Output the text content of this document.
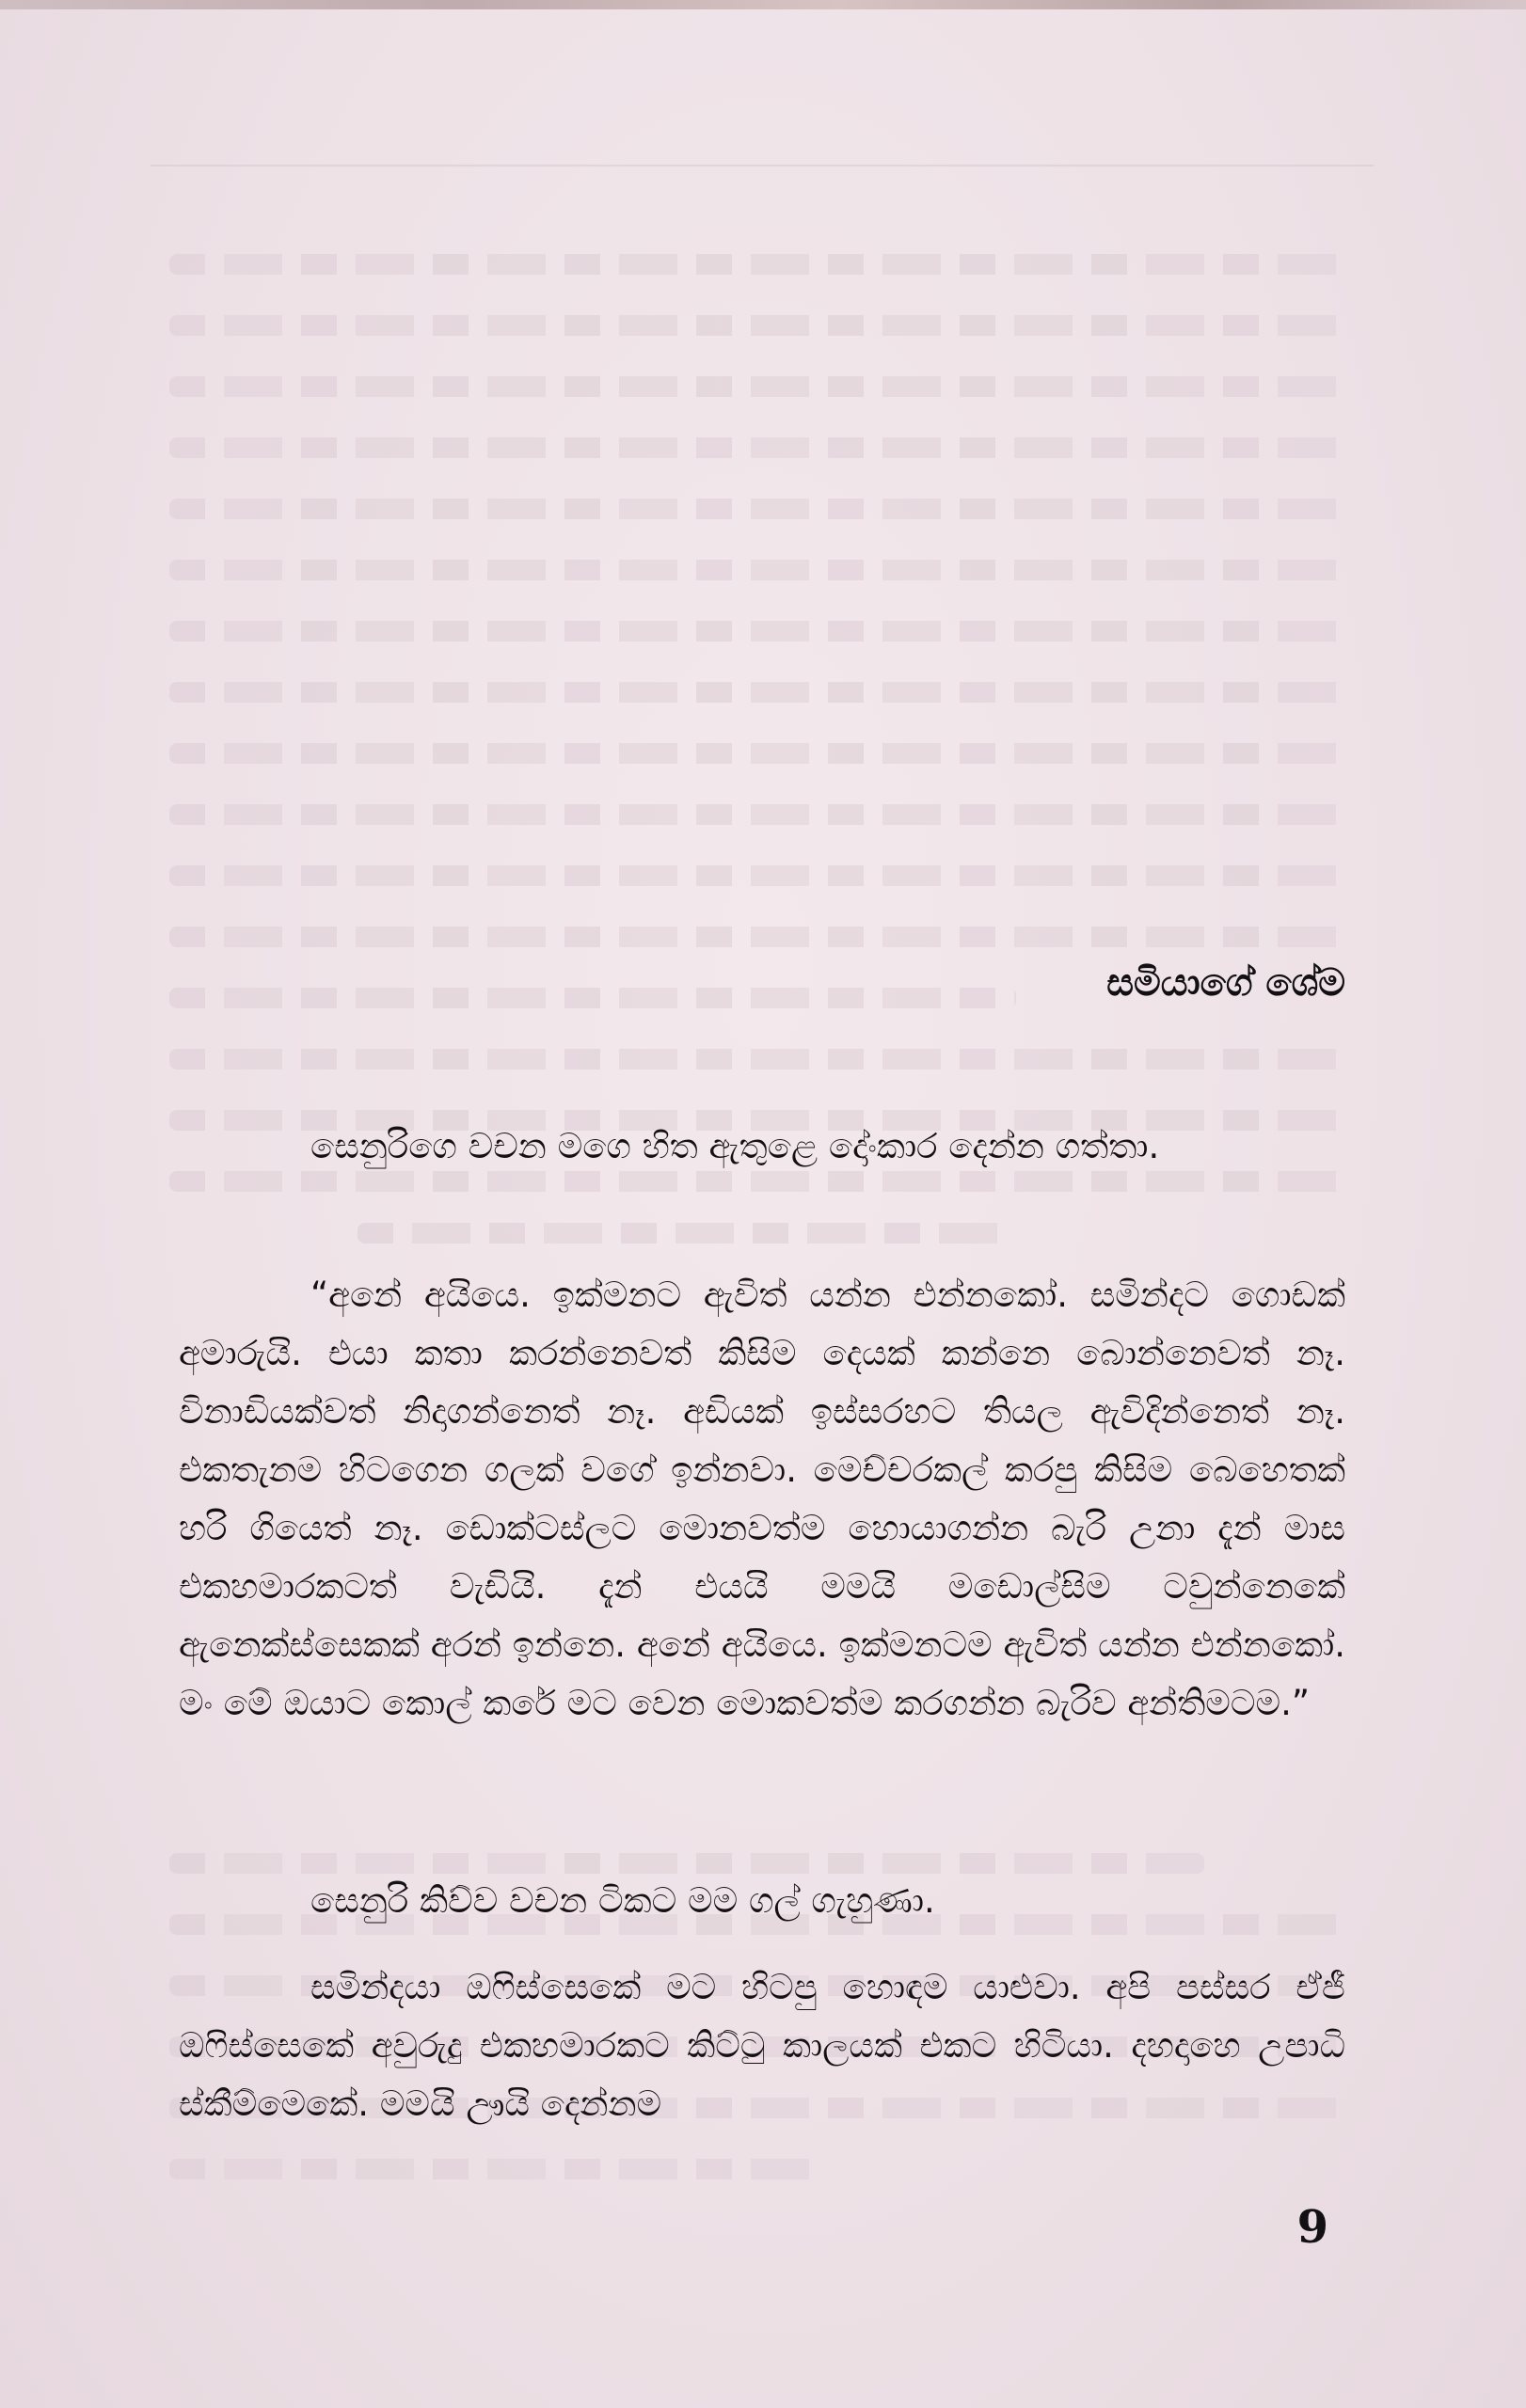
සමියාගේ ශේම

සෙනුරිගෙ වචන මගෙ හිත ඇතුළෙ දෝංකාර දෙන්න ගත්තා.

“අනේ අයියෙ. ඉක්මනට ඇවිත් යන්න එන්නකෝ. සමින්දට ගොඩක් අමාරුයි. එයා කතා කරන්නෙවත් කිසිම දෙයක් කන්නෙ බොන්නෙවත් නෑ. විනාඩියක්වත් නිදාගන්නෙත් නෑ. අඩියක් ඉස්සරහට තියල ඇවිදින්නෙත් නෑ. එකතැනම හිටගෙන ගලක් වගේ ඉන්නවා. මෙච්චරකල් කරපු කිසිම බෙහෙතක් හරි ගියෙත් නෑ. ඩොක්ටස්ලට මොනවත්ම හොයාගන්න බැරි උනා දැන් මාස එකහමාරකටත් වැඩියි. දැන් එයයි මමයි මඩොල්සිම ටවුන්නෙකේ ඇනෙක්ස්සෙකක් අරන් ඉන්නෙ. අනේ අයියෙ. ඉක්මනටම ඇවිත් යන්න එන්නකෝ. මං මේ ඔයාට කොල් කරේ මට වෙන මොකවත්ම කරගන්න බැරිව අන්තිමටම.”

සෙනුරි කිව්ව වචන ටිකට මම ගල් ගැහුණා.

සමින්දයා ඔෆිස්සෙකේ මට හිටපු හොඳම යාළුවා. අපි පස්සර ඒජී ඔෆිස්සෙකේ අවුරුදු එකහමාරකට කිට්ටු කාලයක් එකට හිටියා. දහදාහෙ උපාධි ස්කීම්මෙකේ. මමයි ඌයි දෙන්නම

9
